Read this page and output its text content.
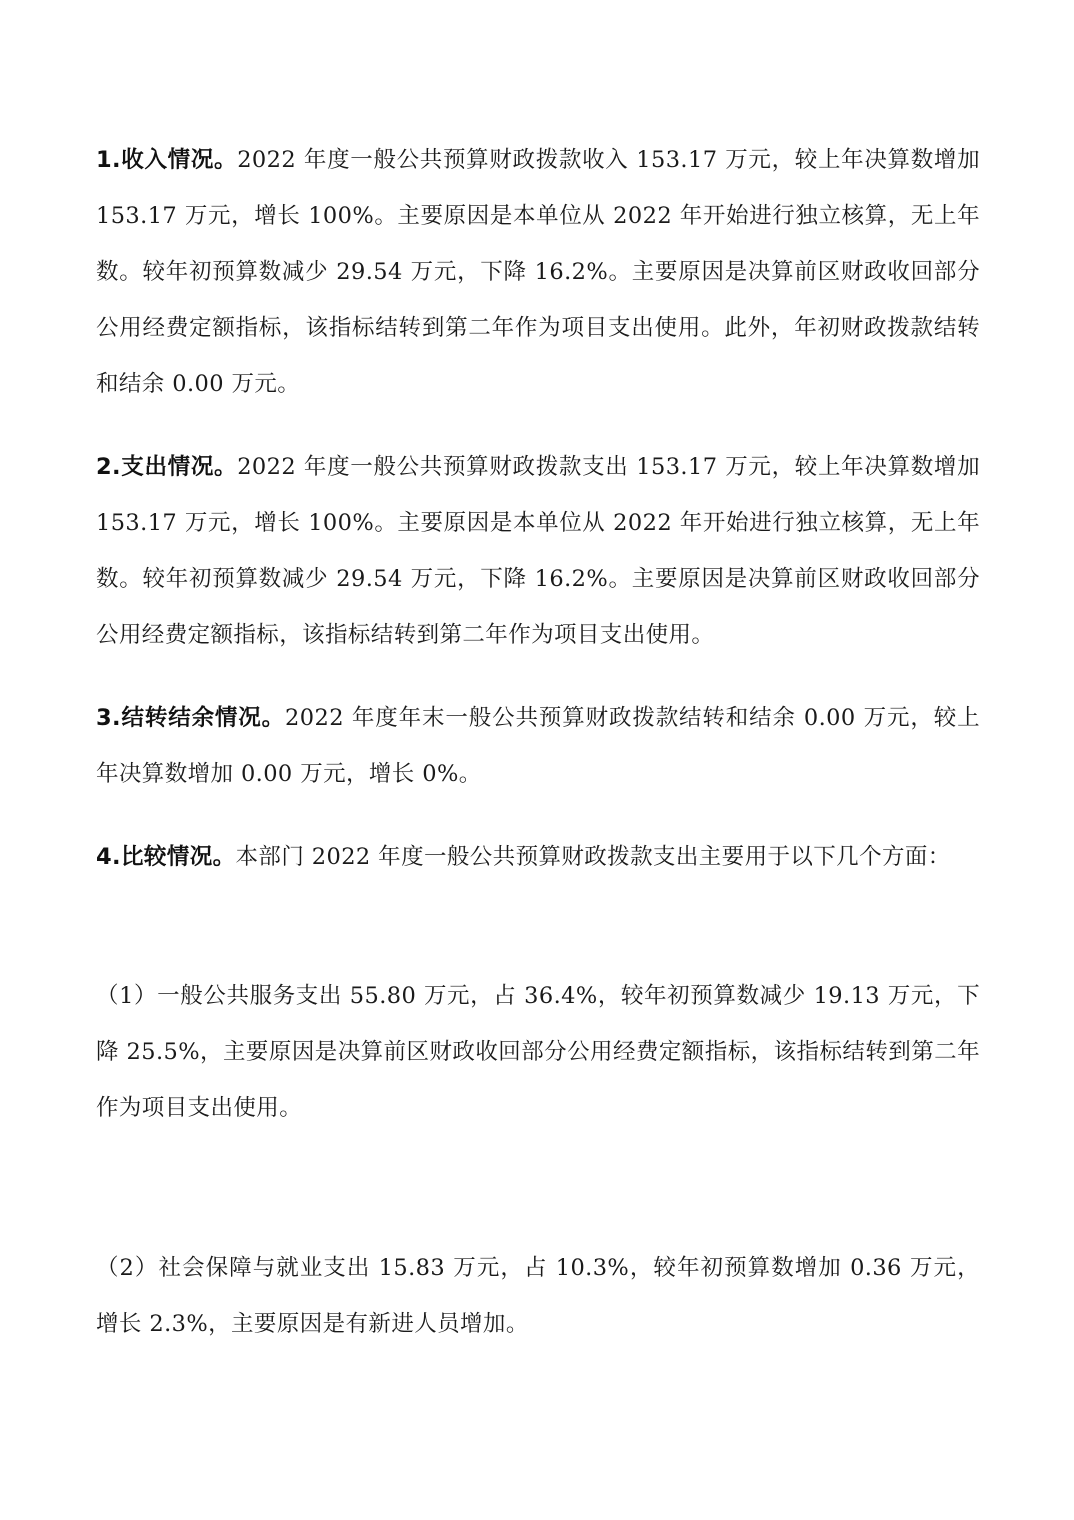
1.收入情况。2022 年度一般公共预算财政拨款收入 153.17 万元，较上年决算数增加 153.17 万元，增长 100%。主要原因是本单位从 2022 年开始进行独立核算，无上年数。较年初预算数减少 29.54 万元，下降 16.2%。主要原因是决算前区财政收回部分公用经费定额指标，该指标结转到第二年作为项目支出使用。此外，年初财政拨款结转和结余 0.00 万元。

2.支出情况。2022 年度一般公共预算财政拨款支出 153.17 万元，较上年决算数增加 153.17 万元，增长 100%。主要原因是本单位从 2022 年开始进行独立核算，无上年数。较年初预算数减少 29.54 万元，下降 16.2%。主要原因是决算前区财政收回部分公用经费定额指标，该指标结转到第二年作为项目支出使用。

3.结转结余情况。2022 年度年末一般公共预算财政拨款结转和结余 0.00 万元，较上年决算数增加 0.00 万元，增长 0%。

4.比较情况。本部门 2022 年度一般公共预算财政拨款支出主要用于以下几个方面：

（1）一般公共服务支出 55.80 万元，占 36.4%，较年初预算数减少 19.13 万元，下降 25.5%，主要原因是决算前区财政收回部分公用经费定额指标，该指标结转到第二年作为项目支出使用。

（2）社会保障与就业支出 15.83 万元，占 10.3%，较年初预算数增加 0.36 万元，增长 2.3%，主要原因是有新进人员增加。
